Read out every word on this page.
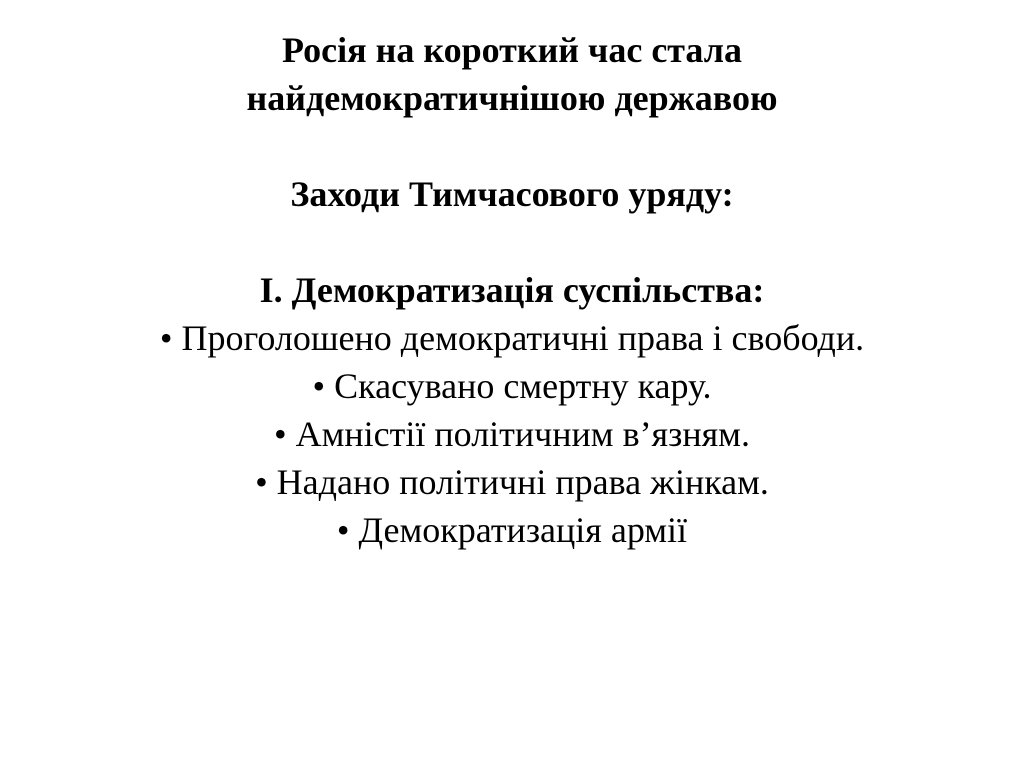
Росія на короткий час стала
найдемократичнішою державою
Заходи Тимчасового уряду:
І. Демократизація суспільства:
• Проголошено демократичні права і свободи.
• Скасувано смертну кару.
• Амністії політичним в’язням.
• Надано політичні права жінкам.
• Демократизація армії
